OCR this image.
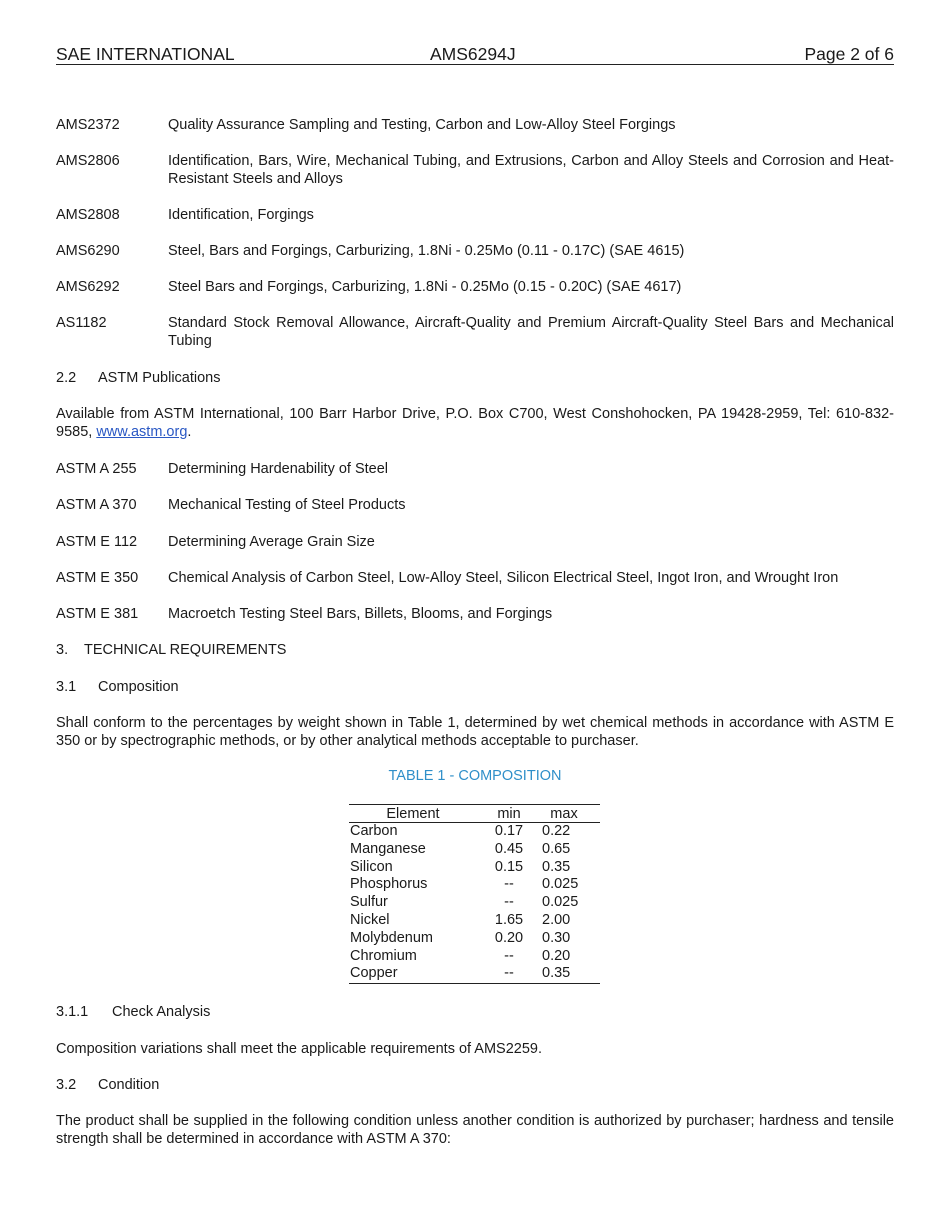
SAE INTERNATIONAL	AMS6294J	Page 2 of 6
AMS2372	Quality Assurance Sampling and Testing, Carbon and Low-Alloy Steel Forgings
AMS2806	Identification, Bars, Wire, Mechanical Tubing, and Extrusions, Carbon and Alloy Steels and Corrosion and Heat-Resistant Steels and Alloys
AMS2808	Identification, Forgings
AMS6290	Steel, Bars and Forgings, Carburizing, 1.8Ni - 0.25Mo (0.11 - 0.17C) (SAE 4615)
AMS6292	Steel Bars and Forgings, Carburizing, 1.8Ni - 0.25Mo (0.15 - 0.20C) (SAE 4617)
AS1182	Standard Stock Removal Allowance, Aircraft-Quality and Premium Aircraft-Quality Steel Bars and Mechanical Tubing
2.2 ASTM Publications
Available from ASTM International, 100 Barr Harbor Drive, P.O. Box C700, West Conshohocken, PA 19428-2959, Tel: 610-832-9585, www.astm.org.
ASTM A 255 Determining Hardenability of Steel
ASTM A 370 Mechanical Testing of Steel Products
ASTM E 112 Determining Average Grain Size
ASTM E 350 Chemical Analysis of Carbon Steel, Low-Alloy Steel, Silicon Electrical Steel, Ingot Iron, and Wrought Iron
ASTM E 381 Macroetch Testing Steel Bars, Billets, Blooms, and Forgings
3. TECHNICAL REQUIREMENTS
3.1 Composition
Shall conform to the percentages by weight shown in Table 1, determined by wet chemical methods in accordance with ASTM E 350 or by spectrographic methods, or by other analytical methods acceptable to purchaser.
TABLE 1 - COMPOSITION
Element	min	max
Carbon	0.17	0.22
Manganese	0.45	0.65
Silicon	0.15	0.35
Phosphorus	--	0.025
Sulfur	--	0.025
Nickel	1.65	2.00
Molybdenum	0.20	0.30
Chromium	--	0.20
Copper	--	0.35
3.1.1 Check Analysis
Composition variations shall meet the applicable requirements of AMS2259.
3.2 Condition
The product shall be supplied in the following condition unless another condition is authorized by purchaser; hardness and tensile strength shall be determined in accordance with ASTM A 370:
